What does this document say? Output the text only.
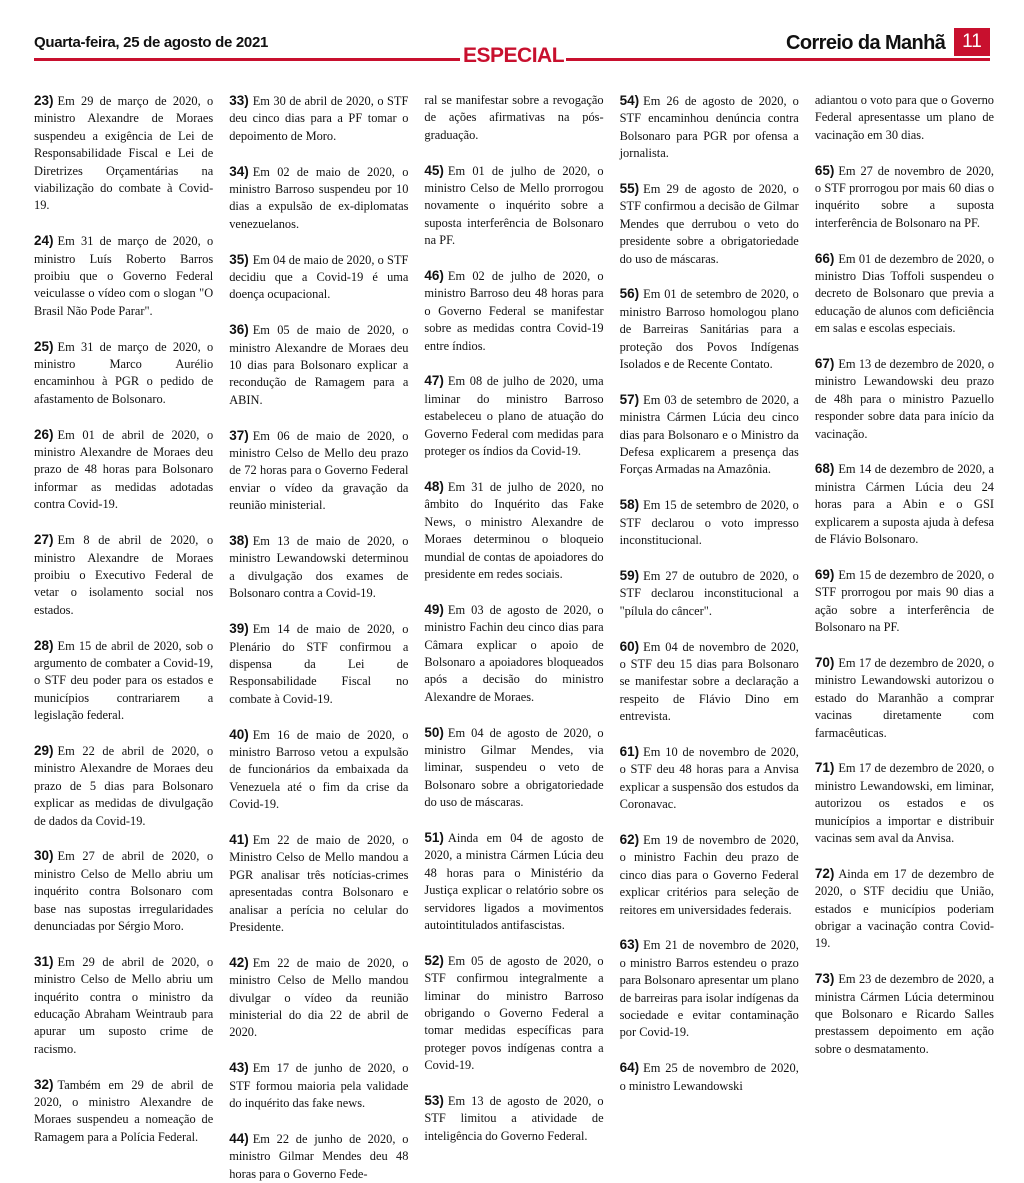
Quarta-feira, 25 de agosto de 2021
ESPECIAL
Correio da Manhã 11

23) Em 29 de março de 2020, o ministro Alexandre de Moraes suspendeu a exigência de Lei de Responsabilidade Fiscal e Lei de Diretrizes Orçamentárias na viabilização do combate à Covid-19.

24) Em 31 de março de 2020, o ministro Luís Roberto Barros proibiu que o Governo Federal veiculasse o vídeo com o slogan "O Brasil Não Pode Parar".

25) Em 31 de março de 2020, o ministro Marco Aurélio encaminhou à PGR o pedido de afastamento de Bolsonaro.

26) Em 01 de abril de 2020, o ministro Alexandre de Moraes deu prazo de 48 horas para Bolsonaro informar as medidas adotadas contra Covid-19.

27) Em 8 de abril de 2020, o ministro Alexandre de Moraes proibiu o Executivo Federal de vetar o isolamento social nos estados.

28) Em 15 de abril de 2020, sob o argumento de combater a Covid-19, o STF deu poder para os estados e municípios contrariarem a legislação federal.

29) Em 22 de abril de 2020, o ministro Alexandre de Moraes deu prazo de 5 dias para Bolsonaro explicar as medidas de divulgação de dados da Covid-19.

30) Em 27 de abril de 2020, o ministro Celso de Mello abriu um inquérito contra Bolsonaro com base nas supostas irregularidades denunciadas por Sérgio Moro.

31) Em 29 de abril de 2020, o ministro Celso de Mello abriu um inquérito contra o ministro da educação Abraham Weintraub para apurar um suposto crime de racismo.

32) Também em 29 de abril de 2020, o ministro Alexandre de Moraes suspendeu a nomeação de Ramagem para a Polícia Federal.

33) Em 30 de abril de 2020, o STF deu cinco dias para a PF tomar o depoimento de Moro.

34) Em 02 de maio de 2020, o ministro Barroso suspendeu por 10 dias a expulsão de ex-diplomatas venezuelanos.

35) Em 04 de maio de 2020, o STF decidiu que a Covid-19 é uma doença ocupacional.

36) Em 05 de maio de 2020, o ministro Alexandre de Moraes deu 10 dias para Bolsonaro explicar a recondução de Ramagem para a ABIN.

37) Em 06 de maio de 2020, o ministro Celso de Mello deu prazo de 72 horas para o Governo Federal enviar o vídeo da gravação da reunião ministerial.

38) Em 13 de maio de 2020, o ministro Lewandowski determinou a divulgação dos exames de Bolsonaro contra a Covid-19.

39) Em 14 de maio de 2020, o Plenário do STF confirmou a dispensa da Lei de Responsabilidade Fiscal no combate à Covid-19.

40) Em 16 de maio de 2020, o ministro Barroso vetou a expulsão de funcionários da embaixada da Venezuela até o fim da crise da Covid-19.

41) Em 22 de maio de 2020, o Ministro Celso de Mello mandou a PGR analisar três notícias-crimes apresentadas contra Bolsonaro e analisar a perícia no celular do Presidente.

42) Em 22 de maio de 2020, o ministro Celso de Mello mandou divulgar o vídeo da reunião ministerial do dia 22 de abril de 2020.

43) Em 17 de junho de 2020, o STF formou maioria pela validade do inquérito das fake news.

44) Em 22 de junho de 2020, o ministro Gilmar Mendes deu 48 horas para o Governo Fede-

ral se manifestar sobre a revogação de ações afirmativas na pós-graduação.

45) Em 01 de julho de 2020, o ministro Celso de Mello prorrogou novamente o inquérito sobre a suposta interferência de Bolsonaro na PF.

46) Em 02 de julho de 2020, o ministro Barroso deu 48 horas para o Governo Federal se manifestar sobre as medidas contra Covid-19 entre índios.

47) Em 08 de julho de 2020, uma liminar do ministro Barroso estabeleceu o plano de atuação do Governo Federal com medidas para proteger os índios da Covid-19.

48) Em 31 de julho de 2020, no âmbito do Inquérito das Fake News, o ministro Alexandre de Moraes determinou o bloqueio mundial de contas de apoiadores do presidente em redes sociais.

49) Em 03 de agosto de 2020, o ministro Fachin deu cinco dias para Câmara explicar o apoio de Bolsonaro a apoiadores bloqueados após a decisão do ministro Alexandre de Moraes.

50) Em 04 de agosto de 2020, o ministro Gilmar Mendes, via liminar, suspendeu o veto de Bolsonaro sobre a obrigatoriedade do uso de máscaras.

51) Ainda em 04 de agosto de 2020, a ministra Cármen Lúcia deu 48 horas para o Ministério da Justiça explicar o relatório sobre os servidores ligados a movimentos autointitulados antifascistas.

52) Em 05 de agosto de 2020, o STF confirmou integralmente a liminar do ministro Barroso obrigando o Governo Federal a tomar medidas específicas para proteger povos indígenas contra a Covid-19.

53) Em 13 de agosto de 2020, o STF limitou a atividade de inteligência do Governo Federal.

54) Em 26 de agosto de 2020, o STF encaminhou denúncia contra Bolsonaro para PGR por ofensa a jornalista.

55) Em 29 de agosto de 2020, o STF confirmou a decisão de Gilmar Mendes que derrubou o veto do presidente sobre a obrigatoriedade do uso de máscaras.

56) Em 01 de setembro de 2020, o ministro Barroso homologou plano de Barreiras Sanitárias para a proteção dos Povos Indígenas Isolados e de Recente Contato.

57) Em 03 de setembro de 2020, a ministra Cármen Lúcia deu cinco dias para Bolsonaro e o Ministro da Defesa explicarem a presença das Forças Armadas na Amazônia.

58) Em 15 de setembro de 2020, o STF declarou o voto impresso inconstitucional.

59) Em 27 de outubro de 2020, o STF declarou inconstitucional a "pílula do câncer".

60) Em 04 de novembro de 2020, o STF deu 15 dias para Bolsonaro se manifestar sobre a declaração a respeito de Flávio Dino em entrevista.

61) Em 10 de novembro de 2020, o STF deu 48 horas para a Anvisa explicar a suspensão dos estudos da Coronavac.

62) Em 19 de novembro de 2020, o ministro Fachin deu prazo de cinco dias para o Governo Federal explicar critérios para seleção de reitores em universidades federais.

63) Em 21 de novembro de 2020, o ministro Barros estendeu o prazo para Bolsonaro apresentar um plano de barreiras para isolar indígenas da sociedade e evitar contaminação por Covid-19.

64) Em 25 de novembro de 2020, o ministro Lewandowski

adiantou o voto para que o Governo Federal apresentasse um plano de vacinação em 30 dias.

65) Em 27 de novembro de 2020, o STF prorrogou por mais 60 dias o inquérito sobre a suposta interferência de Bolsonaro na PF.

66) Em 01 de dezembro de 2020, o ministro Dias Toffoli suspendeu o decreto de Bolsonaro que previa a educação de alunos com deficiência em salas e escolas especiais.

67) Em 13 de dezembro de 2020, o ministro Lewandowski deu prazo de 48h para o ministro Pazuello responder sobre data para início da vacinação.

68) Em 14 de dezembro de 2020, a ministra Cármen Lúcia deu 24 horas para a Abin e o GSI explicarem a suposta ajuda à defesa de Flávio Bolsonaro.

69) Em 15 de dezembro de 2020, o STF prorrogou por mais 90 dias a ação sobre a interferência de Bolsonaro na PF.

70) Em 17 de dezembro de 2020, o ministro Lewandowski autorizou o estado do Maranhão a comprar vacinas diretamente com farmacêuticas.

71) Em 17 de dezembro de 2020, o ministro Lewandowski, em liminar, autorizou os estados e os municípios a importar e distribuir vacinas sem aval da Anvisa.

72) Ainda em 17 de dezembro de 2020, o STF decidiu que União, estados e municípios poderiam obrigar a vacinação contra Covid-19.

73) Em 23 de dezembro de 2020, a ministra Cármen Lúcia determinou que Bolsonaro e Ricardo Salles prestassem depoimento em ação sobre o desmatamento.
